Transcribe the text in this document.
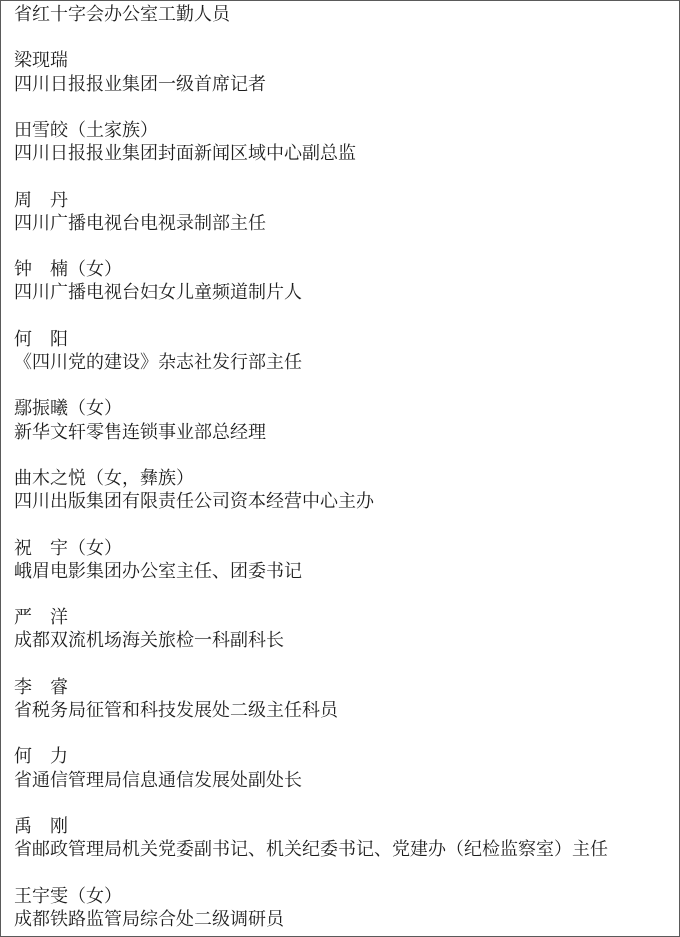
省红十字会办公室工勤人员
梁现瑞
四川日报报业集团一级首席记者
田雪皎（土家族）
四川日报报业集团封面新闻区域中心副总监
周　丹
四川广播电视台电视录制部主任
钟　楠（女）
四川广播电视台妇女儿童频道制片人
何　阳
《四川党的建设》杂志社发行部主任
鄢振曦（女）
新华文轩零售连锁事业部总经理
曲木之悦（女，彝族）
四川出版集团有限责任公司资本经营中心主办
祝　宇（女）
峨眉电影集团办公室主任、团委书记
严　洋
成都双流机场海关旅检一科副科长
李　睿
省税务局征管和科技发展处二级主任科员
何　力
省通信管理局信息通信发展处副处长
禹　刚
省邮政管理局机关党委副书记、机关纪委书记、党建办（纪检监察室）主任
王宇雯（女）
成都铁路监管局综合处二级调研员
